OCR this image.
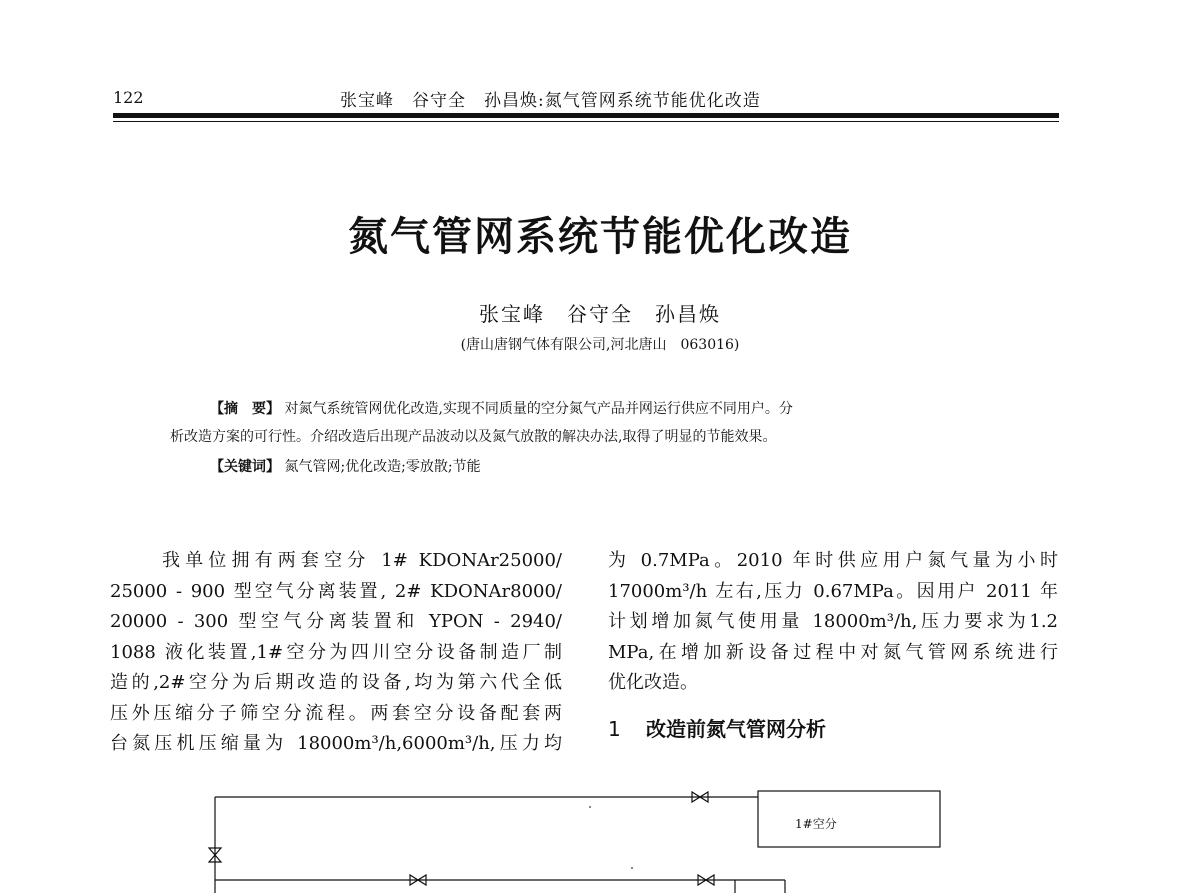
122	张宝峰　谷守全　孙昌焕:氮气管网系统节能优化改造
氮气管网系统节能优化改造
张宝峰　谷守全　孙昌焕
(唐山唐钢气体有限公司,河北唐山　063016)
【摘　要】 对氮气系统管网优化改造,实现不同质量的空分氮气产品并网运行供应不同用户。分
析改造方案的可行性。介绍改造后出现产品波动以及氮气放散的解决办法,取得了明显的节能效果。
【关键词】 氮气管网;优化改造;零放散;节能
我单位拥有两套空分 1# KDONAr25000/
25000 - 900 型空气分离装置, 2# KDONAr8000/
20000 - 300 型空气分离装置和 YPON - 2940/
1088 液化装置,1#空分为四川空分设备制造厂制
造的,2#空分为后期改造的设备,均为第六代全低
压外压缩分子筛空分流程。两套空分设备配套两
台氮压机压缩量为 18000m³/h,6000m³/h,压力均
为 0.7MPa。2010 年时供应用户氮气量为小时
17000m³/h 左右,压力 0.67MPa。因用户 2011 年
计划增加氮气使用量 18000m³/h,压力要求为1.2
MPa,在增加新设备过程中对氮气管网系统进行
优化改造。
1 改造前氮气管网分析
1#空分
